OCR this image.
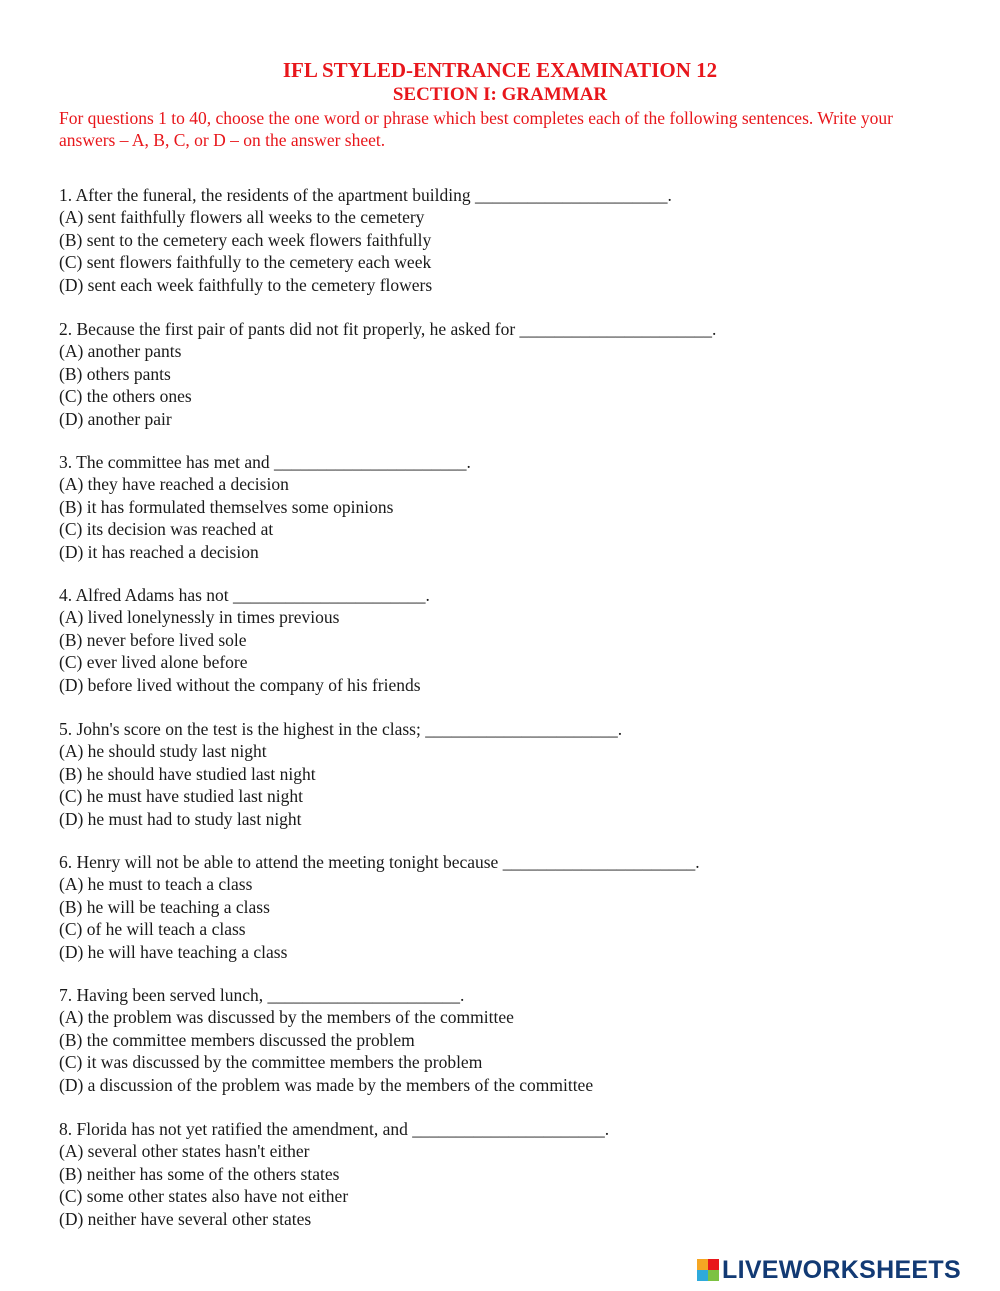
IFL STYLED-ENTRANCE EXAMINATION 12
SECTION I: GRAMMAR
For questions 1 to 40, choose the one word or phrase which best completes each of the following sentences. Write your answers – A, B, C, or D – on the answer sheet.
1. After the funeral, the residents of the apartment building ______________________.
(A) sent faithfully flowers all weeks to the cemetery
(B) sent to the cemetery each week flowers faithfully
(C) sent flowers faithfully to the cemetery each week
(D) sent each week faithfully to the cemetery flowers
2. Because the first pair of pants did not fit properly, he asked for ______________________.
(A) another pants
(B) others pants
(C) the others ones
(D) another pair
3. The committee has met and ______________________.
(A) they have reached a decision
(B) it has formulated themselves some opinions
(C) its decision was reached at
(D) it has reached a decision
4. Alfred Adams has not ______________________.
(A) lived lonelynessly in times previous
(B) never before lived sole
(C) ever lived alone before
(D) before lived without the company of his friends
5. John's score on the test is the highest in the class; ______________________.
(A) he should study last night
(B) he should have studied last night
(C) he must have studied last night
(D) he must had to study last night
6. Henry will not be able to attend the meeting tonight because ______________________.
(A) he must to teach a class
(B) he will be teaching a class
(C) of he will teach a class
(D) he will have teaching a class
7. Having been served lunch, ______________________.
(A) the problem was discussed by the members of the committee
(B) the committee members discussed the problem
(C) it was discussed by the committee members the problem
(D) a discussion of the problem was made by the members of the committee
8. Florida has not yet ratified the amendment, and ______________________.
(A) several other states hasn't either
(B) neither has some of the others states
(C) some other states also have not either
(D) neither have several other states
LIVEWORKSHEETS
